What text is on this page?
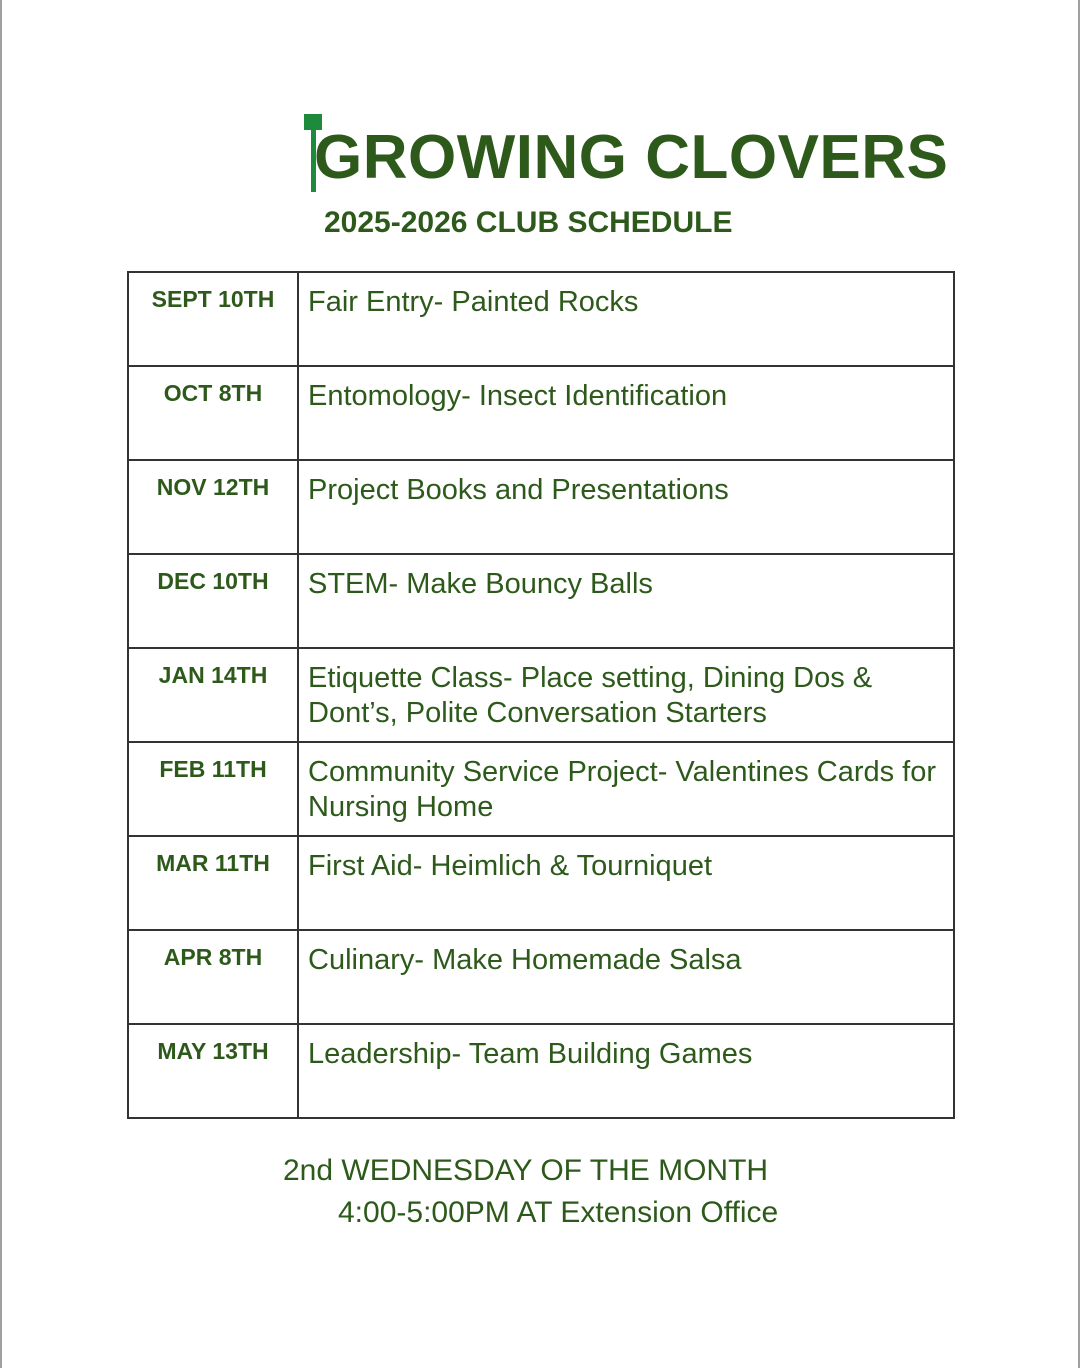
GROWING CLOVERS
2025-2026 CLUB SCHEDULE
SEPT 10TH	Fair Entry- Painted Rocks
OCT 8TH	Entomology- Insect Identification
NOV 12TH	Project Books and Presentations
DEC 10TH	STEM- Make Bouncy Balls
JAN 14TH	Etiquette Class- Place setting, Dining Dos & Dont’s, Polite Conversation Starters
FEB 11TH	Community Service Project- Valentines Cards for Nursing Home
MAR 11TH	First Aid- Heimlich & Tourniquet
APR 8TH	Culinary- Make Homemade Salsa
MAY 13TH	Leadership- Team Building Games
2nd WEDNESDAY OF THE MONTH
4:00-5:00PM AT Extension Office
